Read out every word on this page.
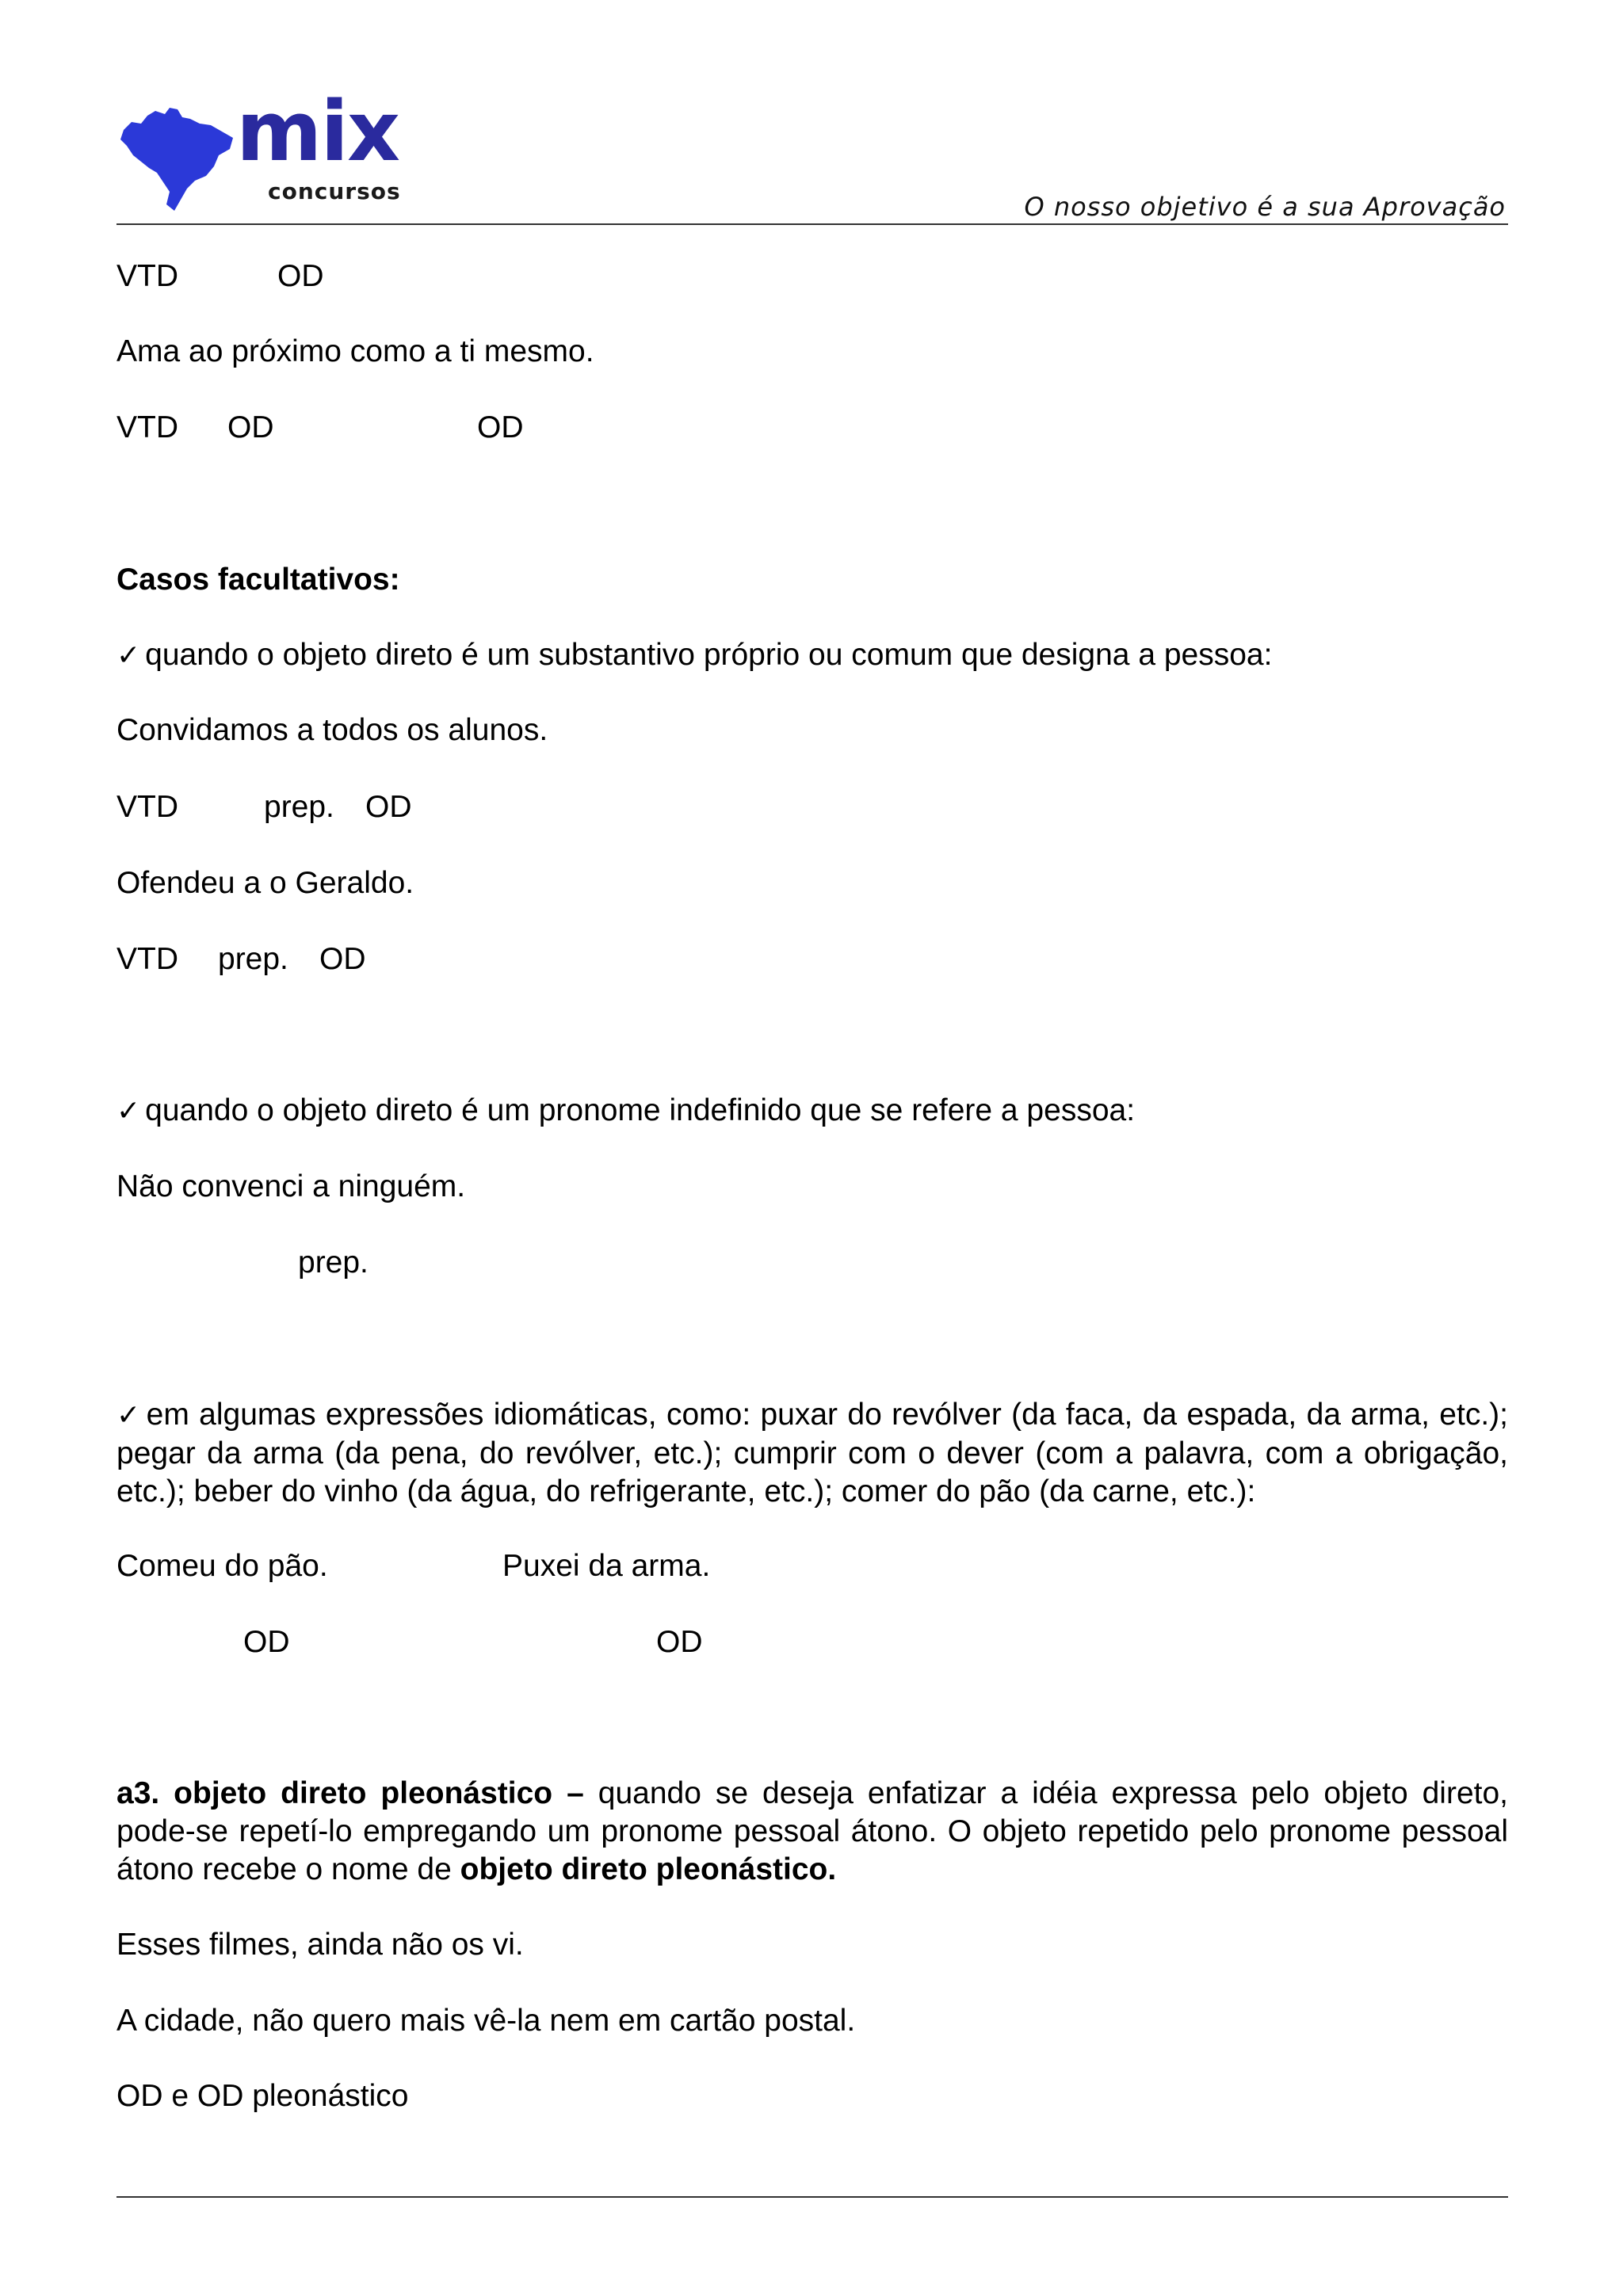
mix
concursos
O nosso objetivo é a sua Aprovação
VTD	OD
Ama ao próximo como a ti mesmo.
VTD OD	OD
Casos facultativos:
✓ quando o objeto direto é um substantivo próprio ou comum que designa a pessoa:
Convidamos a todos os alunos.
VTD	prep. OD
Ofendeu a o Geraldo.
VTD prep. OD
✓ quando o objeto direto é um pronome indefinido que se refere a pessoa:
Não convenci a ninguém.
prep.
✓ em algumas expressões idiomáticas, como: puxar do revólver (da faca, da espada, da arma, etc.); pegar da arma (da pena, do revólver, etc.); cumprir com o dever (com a palavra, com a obrigação, etc.); beber do vinho (da água, do refrigerante, etc.); comer do pão (da carne, etc.):
Comeu do pão.	Puxei da arma.
OD	OD
a3. objeto direto pleonástico – quando se deseja enfatizar a idéia expressa pelo objeto direto, pode-se repetí-lo empregando um pronome pessoal átono. O objeto repetido pelo pronome pessoal átono recebe o nome de objeto direto pleonástico.
Esses filmes, ainda não os vi.
A cidade, não quero mais vê-la nem em cartão postal.
OD e OD pleonástico
